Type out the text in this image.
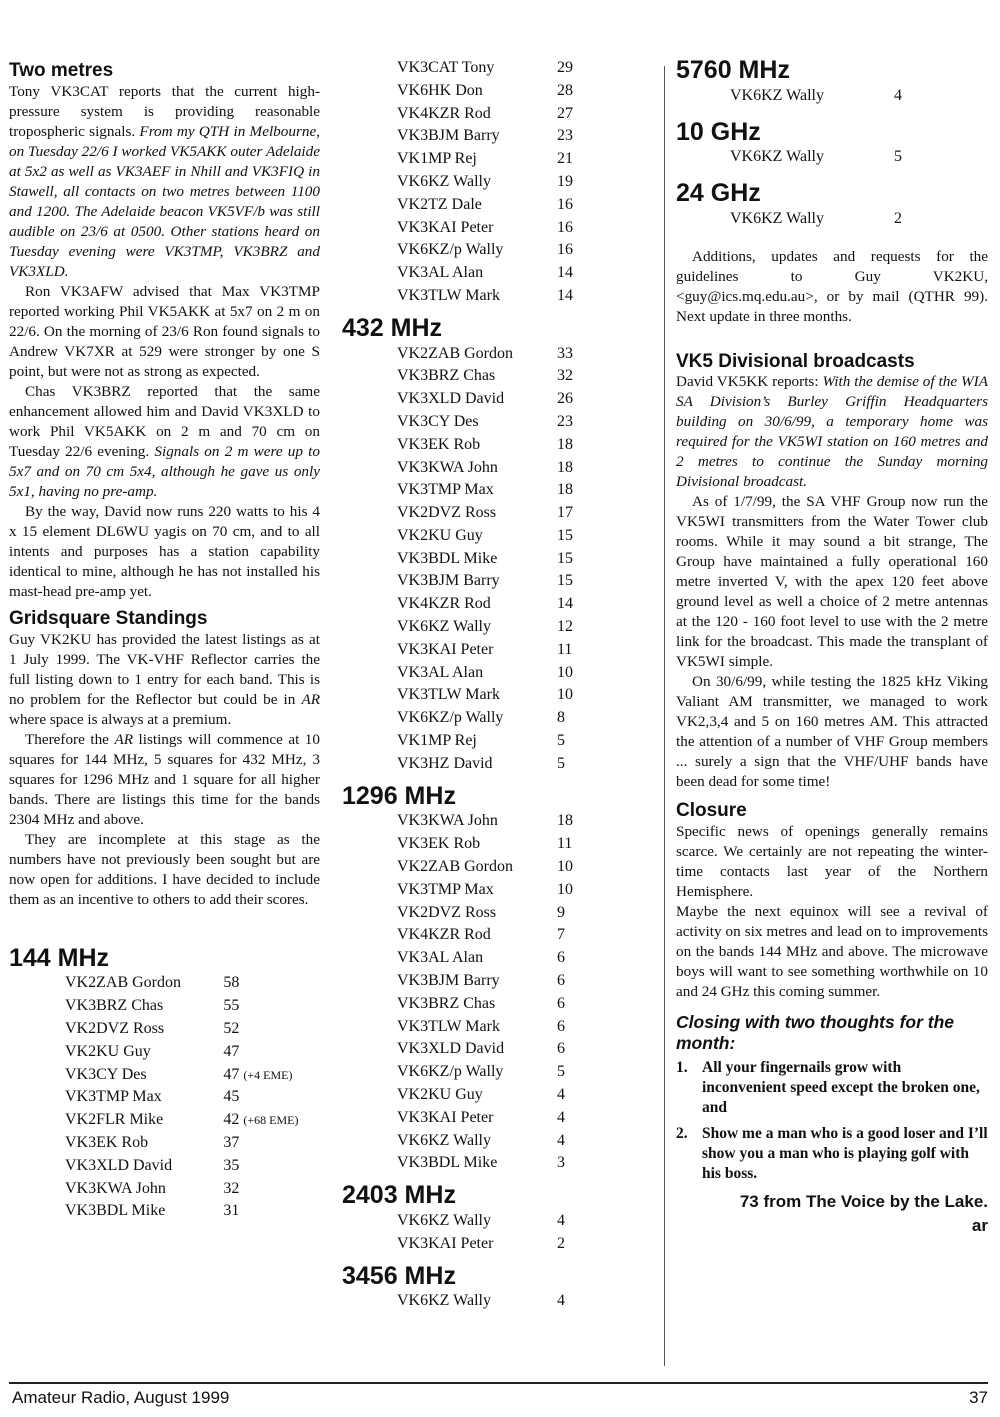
Two metres

Tony VK3CAT reports that the current high-pressure system is providing reasonable tropospheric signals. From my QTH in Melbourne, on Tuesday 22/6 I worked VK5AKK outer Adelaide at 5x2 as well as VK3AEF in Nhill and VK3FIQ in Stawell, all contacts on two metres between 1100 and 1200. The Adelaide beacon VK5VF/b was still audible on 23/6 at 0500. Other stations heard on Tuesday evening were VK3TMP, VK3BRZ and VK3XLD.

Ron VK3AFW advised that Max VK3TMP reported working Phil VK5AKK at 5x7 on 2 m on 22/6. On the morning of 23/6 Ron found signals to Andrew VK7XR at 529 were stronger by one S point, but were not as strong as expected.

Chas VK3BRZ reported that the same enhancement allowed him and David VK3XLD to work Phil VK5AKK on 2 m and 70 cm on Tuesday 22/6 evening. Signals on 2 m were up to 5x7 and on 70 cm 5x4, although he gave us only 5x1, having no pre-amp.

By the way, David now runs 220 watts to his 4 x 15 element DL6WU yagis on 70 cm, and to all intents and purposes has a station capability identical to mine, although he has not installed his mast-head pre-amp yet.

Gridsquare Standings

Guy VK2KU has provided the latest listings as at 1 July 1999. The VK-VHF Reflector carries the full listing down to 1 entry for each band. This is no problem for the Reflector but could be in AR where space is always at a premium.

Therefore the AR listings will commence at 10 squares for 144 MHz, 5 squares for 432 MHz, 3 squares for 1296 MHz and 1 square for all higher bands. There are listings this time for the bands 2304 MHz and above.

They are incomplete at this stage as the numbers have not previously been sought but are now open for additions. I have decided to include them as an incentive to others to add their scores.

144 MHz
VK2ZAB Gordon	58
VK3BRZ Chas	55
VK2DVZ Ross	52
VK2KU Guy	47
VK3CY Des	47 (+4 EME)
VK3TMP Max	45
VK2FLR Mike	42 (+68 EME)
VK3EK Rob	37
VK3XLD David	35
VK3KWA John	32
VK3BDL Mike	31
VK3CAT Tony	29
VK6HK Don	28
VK4KZR Rod	27
VK3BJM Barry	23
VK1MP Rej	21
VK6KZ Wally	19
VK2TZ Dale	16
VK3KAI Peter	16
VK6KZ/p Wally	16
VK3AL Alan	14
VK3TLW Mark	14
432 MHz
VK2ZAB Gordon	33
VK3BRZ Chas	32
VK3XLD David	26
VK3CY Des	23
VK3EK Rob	18
VK3KWA John	18
VK3TMP Max	18
VK2DVZ Ross	17
VK2KU Guy	15
VK3BDL Mike	15
VK3BJM Barry	15
VK4KZR Rod	14
VK6KZ Wally	12
VK3KAI Peter	11
VK3AL Alan	10
VK3TLW Mark	10
VK6KZ/p Wally	8
VK1MP Rej	5
VK3HZ David	5
1296 MHz
VK3KWA John	18
VK3EK Rob	11
VK2ZAB Gordon	10
VK3TMP Max	10
VK2DVZ Ross	9
VK4KZR Rod	7
VK3AL Alan	6
VK3BJM Barry	6
VK3BRZ Chas	6
VK3TLW Mark	6
VK3XLD David	6
VK6KZ/p Wally	5
VK2KU Guy	4
VK3KAI Peter	4
VK6KZ Wally	4
VK3BDL Mike	3
2403 MHz
VK6KZ Wally	4
VK3KAI Peter	2
3456 MHz
VK6KZ Wally	4
5760 MHz
VK6KZ Wally	4
10 GHz
VK6KZ Wally	5
24 GHz
VK6KZ Wally	2

Additions, updates and requests for the guidelines to Guy VK2KU, <guy@ics.mq.edu.au>, or by mail (QTHR 99). Next update in three months.

VK5 Divisional broadcasts

David VK5KK reports: With the demise of the WIA SA Division’s Burley Griffin Headquarters building on 30/6/99, a temporary home was required for the VK5WI station on 160 metres and 2 metres to continue the Sunday morning Divisional broadcast.

As of 1/7/99, the SA VHF Group now run the VK5WI transmitters from the Water Tower club rooms. While it may sound a bit strange, The Group have maintained a fully operational 160 metre inverted V, with the apex 120 feet above ground level as well a choice of 2 metre antennas at the 120 - 160 foot level to use with the 2 metre link for the broadcast. This made the transplant of VK5WI simple.

On 30/6/99, while testing the 1825 kHz Viking Valiant AM transmitter, we managed to work VK2,3,4 and 5 on 160 metres AM. This attracted the attention of a number of VHF Group members ... surely a sign that the VHF/UHF bands have been dead for some time!

Closure

Specific news of openings generally remains scarce. We certainly are not repeating the winter-time contacts last year of the Northern Hemisphere.

Maybe the next equinox will see a revival of activity on six metres and lead on to improvements on the bands 144 MHz and above. The microwave boys will want to see something worthwhile on 10 and 24 GHz this coming summer.

Closing with two thoughts for the month:
1. All your fingernails grow with inconvenient speed except the broken one, and
2. Show me a man who is a good loser and I’ll show you a man who is playing golf with his boss.
73 from The Voice by the Lake.
ar
Amateur Radio, August 1999	37
